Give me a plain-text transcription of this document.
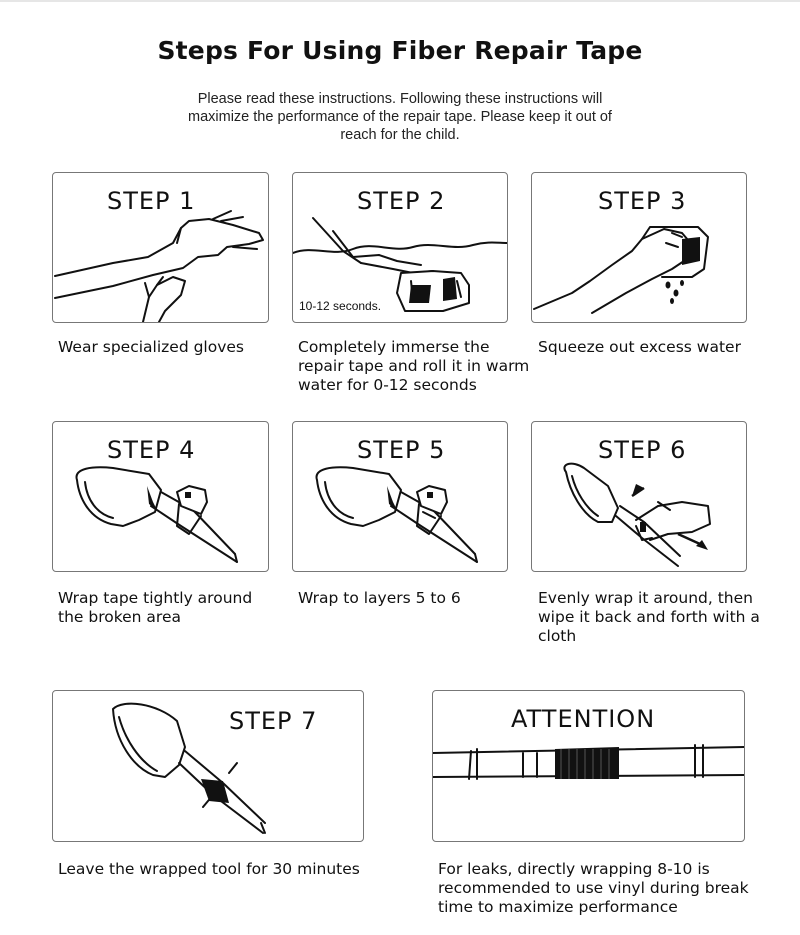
Steps For Using Fiber Repair Tape

Please read these instructions. Following these instructions will maximize the performance of the repair tape. Please keep it out of reach for the child.

STEP 1
Wear specialized gloves
STEP 2
10-12 seconds.
Completely immerse the repair tape and roll it in warm water for 0-12 seconds
STEP 3
Squeeze out excess water
STEP 4
Wrap tape tightly around the broken area
STEP 5
Wrap to layers 5 to 6
STEP 6
Evenly wrap it around, then wipe it back and forth with a cloth
STEP 7
Leave the wrapped tool for 30 minutes
ATTENTION
For leaks, directly wrapping 8-10 is recommended to use vinyl during break time to maximize performance
